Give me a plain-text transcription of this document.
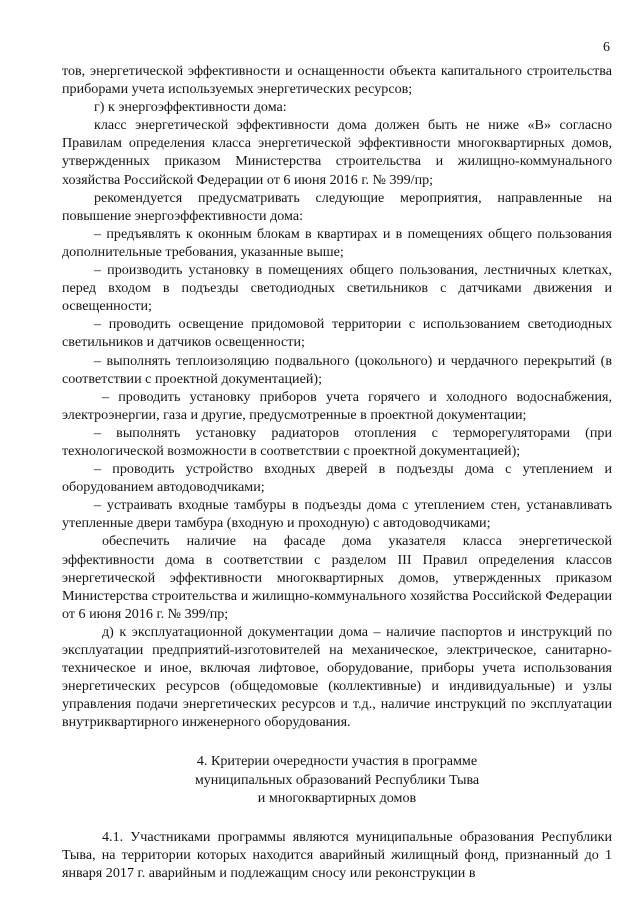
6

тов, энергетической эффективности и оснащенности объекта капитального строительства приборами учета используемых энергетических ресурсов;

г) к энергоэффективности дома:

класс энергетической эффективности дома должен быть не ниже «В» согласно Правилам определения класса энергетической эффективности многоквартирных домов, утвержденных приказом Министерства строительства и жилищно-коммунального хозяйства Российской Федерации от 6 июня 2016 г. № 399/пр;

рекомендуется предусматривать следующие мероприятия, направленные на повышение энергоэффективности дома:

– предъявлять к оконным блокам в квартирах и в помещениях общего пользования дополнительные требования, указанные выше;

– производить установку в помещениях общего пользования, лестничных клетках, перед входом в подъезды светодиодных светильников с датчиками движения и освещенности;

– проводить освещение придомовой территории с использованием светодиодных светильников и датчиков освещенности;

– выполнять теплоизоляцию подвального (цокольного) и чердачного перекрытий (в соответствии с проектной документацией);

– проводить установку приборов учета горячего и холодного водоснабжения, электроэнергии, газа и другие, предусмотренные в проектной документации;

– выполнять установку радиаторов отопления с терморегуляторами (при технологической возможности в соответствии с проектной документацией);

– проводить устройство входных дверей в подъезды дома с утеплением и оборудованием автодоводчиками;

– устраивать входные тамбуры в подъезды дома с утеплением стен, устанавливать утепленные двери тамбура (входную и проходную) с автодоводчиками;

обеспечить наличие на фасаде дома указателя класса энергетической эффективности дома в соответствии с разделом III Правил определения классов энергетической эффективности многоквартирных домов, утвержденных приказом Министерства строительства и жилищно-коммунального хозяйства Российской Федерации от 6 июня 2016 г. № 399/пр;

д) к эксплуатационной документации дома – наличие паспортов и инструкций по эксплуатации предприятий-изготовителей на механическое, электрическое, санитарно-техническое и иное, включая лифтовое, оборудование, приборы учета использования энергетических ресурсов (общедомовые (коллективные) и индивидуальные) и узлы управления подачи энергетических ресурсов и т.д., наличие инструкций по эксплуатации внутриквартирного инженерного оборудования.

4. Критерии очередности участия в программе
муниципальных образований Республики Тыва
и многоквартирных домов

4.1. Участниками программы являются муниципальные образования Республики Тыва, на территории которых находится аварийный жилищный фонд, признанный до 1 января 2017 г. аварийным и подлежащим сносу или реконструкции в
